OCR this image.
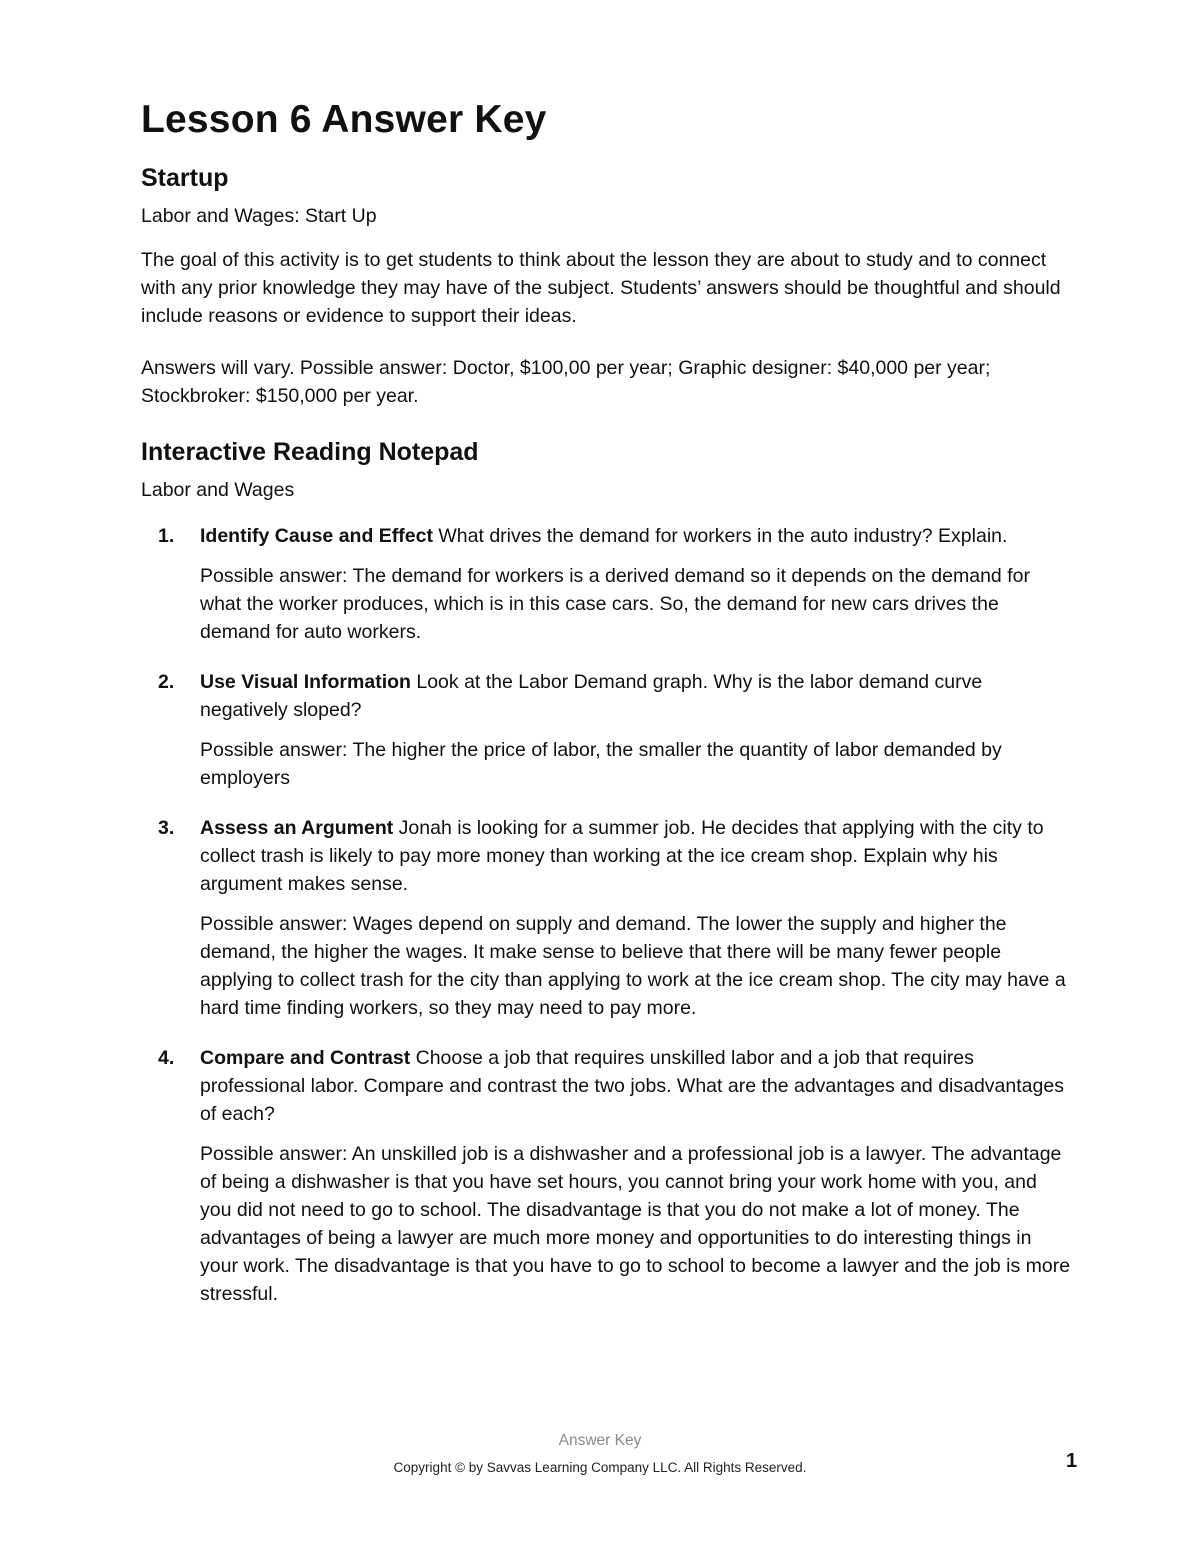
Lesson 6 Answer Key
Startup

Labor and Wages: Start Up

The goal of this activity is to get students to think about the lesson they are about to study and to connect with any prior knowledge they may have of the subject. Students’ answers should be thoughtful and should include reasons or evidence to support their ideas.

Answers will vary. Possible answer: Doctor, $100,00 per year; Graphic designer: $40,000 per year; Stockbroker: $150,000 per year.

Interactive Reading Notepad

Labor and Wages

1. Identify Cause and Effect What drives the demand for workers in the auto industry? Explain.

Possible answer: The demand for workers is a derived demand so it depends on the demand for what the worker produces, which is in this case cars. So, the demand for new cars drives the demand for auto workers.

2. Use Visual Information Look at the Labor Demand graph. Why is the labor demand curve negatively sloped?

Possible answer: The higher the price of labor, the smaller the quantity of labor demanded by employers

3. Assess an Argument Jonah is looking for a summer job. He decides that applying with the city to collect trash is likely to pay more money than working at the ice cream shop. Explain why his argument makes sense.

Possible answer: Wages depend on supply and demand. The lower the supply and higher the demand, the higher the wages. It make sense to believe that there will be many fewer people applying to collect trash for the city than applying to work at the ice cream shop. The city may have a hard time finding workers, so they may need to pay more.

4. Compare and Contrast Choose a job that requires unskilled labor and a job that requires professional labor. Compare and contrast the two jobs. What are the advantages and disadvantages of each?

Possible answer: An unskilled job is a dishwasher and a professional job is a lawyer. The advantage of being a dishwasher is that you have set hours, you cannot bring your work home with you, and you did not need to go to school. The disadvantage is that you do not make a lot of money. The advantages of being a lawyer are much more money and opportunities to do interesting things in your work. The disadvantage is that you have to go to school to become a lawyer and the job is more stressful.

Answer Key
Copyright © by Savvas Learning Company LLC. All Rights Reserved.	1
